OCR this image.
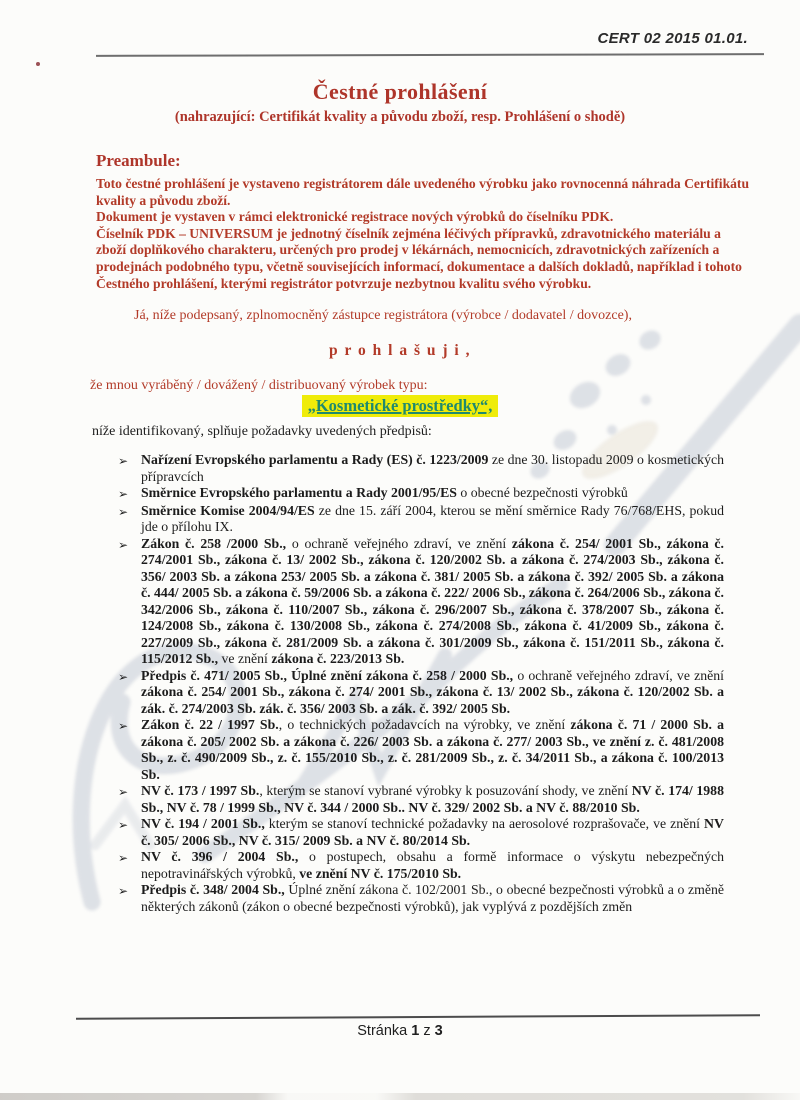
CERT 02 2015 01.01.
Čestné prohlášení
(nahrazující: Certifikát kvality a původu zboží, resp. Prohlášení o shodě)
Preambule:

Toto čestné prohlášení je vystaveno registrátorem dále uvedeného výrobku jako rovnocenná náhrada Certifikátu kvality a původu zboží.

Dokument je vystaven v rámci elektronické registrace nových výrobků do číselníku PDK.

Číselník PDK – UNIVERSUM je jednotný číselník zejména léčivých přípravků, zdravotnického materiálu a zboží doplňkového charakteru, určených pro prodej v lékárnách, nemocnicích, zdravotnických zařízeních a prodejnách podobného typu, včetně souvisejících informací, dokumentace a dalších dokladů, například i tohoto Čestného prohlášení, kterými registrátor potvrzuje nezbytnou kvalitu svého výrobku.

Já, níže podepsaný, zplnomocněný zástupce registrátora (výrobce / dodavatel / dovozce),
p r o h l a š u j i ,
že mnou vyráběný / dovážený / distribuovaný výrobek typu:
„Kosmetické prostředky“,
níže identifikovaný, splňuje požadavky uvedených předpisů:
➢ Nařízení Evropského parlamentu a Rady (ES) č. 1223/2009 ze dne 30. listopadu 2009 o kosmetických přípravcích
➢ Směrnice Evropského parlamentu a Rady 2001/95/ES o obecné bezpečnosti výrobků
➢ Směrnice Komise 2004/94/ES ze dne 15. září 2004, kterou se mění směrnice Rady 76/768/EHS, pokud jde o přílohu IX.
➢ Zákon č. 258 /2000 Sb., o ochraně veřejného zdraví, ve znění zákona č. 254/ 2001 Sb., zákona č. 274/2001 Sb., zákona č. 13/ 2002 Sb., zákona č. 120/2002 Sb. a zákona č. 274/2003 Sb., zákona č. 356/ 2003 Sb. a zákona 253/ 2005 Sb. a zákona č. 381/ 2005 Sb. a zákona č. 392/ 2005 Sb. a zákona č. 444/ 2005 Sb. a zákona č. 59/2006 Sb. a zákona č. 222/ 2006 Sb., zákona č. 264/2006 Sb., zákona č. 342/2006 Sb., zákona č. 110/2007 Sb., zákona č. 296/2007 Sb., zákona č. 378/2007 Sb., zákona č. 124/2008 Sb., zákona č. 130/2008 Sb., zákona č. 274/2008 Sb., zákona č. 41/2009 Sb., zákona č. 227/2009 Sb., zákona č. 281/2009 Sb. a zákona č. 301/2009 Sb., zákona č. 151/2011 Sb., zákona č. 115/2012 Sb., ve znění zákona č. 223/2013 Sb.
➢ Předpis č. 471/ 2005 Sb., Úplné znění zákona č. 258 / 2000 Sb., o ochraně veřejného zdraví, ve znění zákona č. 254/ 2001 Sb., zákona č. 274/ 2001 Sb., zákona č. 13/ 2002 Sb., zákona č. 120/2002 Sb. a zák. č. 274/2003 Sb. zák. č. 356/ 2003 Sb. a zák. č. 392/ 2005 Sb.
➢ Zákon č. 22 / 1997 Sb., o technických požadavcích na výrobky, ve znění zákona č. 71 / 2000 Sb. a zákona č. 205/ 2002 Sb. a zákona č. 226/ 2003 Sb. a zákona č. 277/ 2003 Sb., ve znění z. č. 481/2008 Sb., z. č. 490/2009 Sb., z. č. 155/2010 Sb., z. č. 281/2009 Sb., z. č. 34/2011 Sb., a zákona č. 100/2013 Sb.
➢ NV č. 173 / 1997 Sb., kterým se stanoví vybrané výrobky k posuzování shody, ve znění NV č. 174/ 1988 Sb., NV č. 78 / 1999 Sb., NV č. 344 / 2000 Sb.. NV č. 329/ 2002 Sb. a NV č. 88/2010 Sb.
➢ NV č. 194 / 2001 Sb., kterým se stanoví technické požadavky na aerosolové rozprašovače, ve znění NV č. 305/ 2006 Sb., NV č. 315/ 2009 Sb. a NV č. 80/2014 Sb.
➢ NV č. 396 / 2004 Sb., o postupech, obsahu a formě informace o výskytu nebezpečných nepotravinářských výrobků, ve znění NV č. 175/2010 Sb.
➢ Předpis č. 348/ 2004 Sb., Úplné znění zákona č. 102/2001 Sb., o obecné bezpečnosti výrobků a o změně některých zákonů (zákon o obecné bezpečnosti výrobků), jak vyplývá z pozdějších změn
Stránka 1 z 3
